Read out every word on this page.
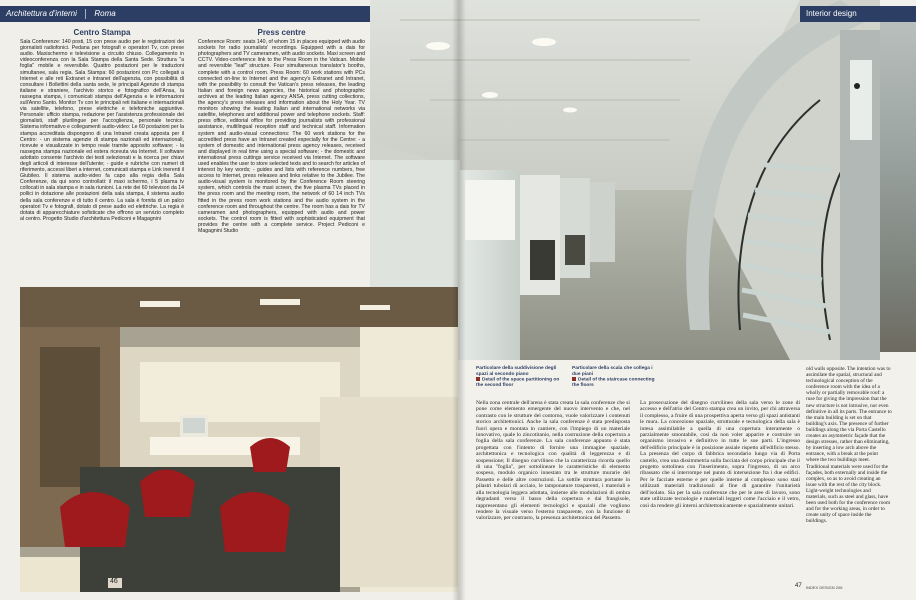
Architettura d'interni Roma
Centro Stampa

Sala Conferenze: 140 posti, 15 con prese audio per le registrazioni dei giornalisti radiofonici. Pedana per fotografi e operatori Tv, con prese audio. Maxischermo e televisione a circuito chiuso. Collegamento in videoconferenza con la Sala Stampa della Santa Sede. Struttura "a foglia" mobile e reversibile. Quattro postazioni per le traduzioni simultanee, sala regia. Sala Stampa: 60 postazioni con Pc collegati a Internet e alle reti Extranet e Intranet dell'agenzia, con possibilità di consultare i Bollettini della santa sede, le principali Agenzie di stampa italiane e straniere, l'archivio storico e fotografico dell'Ansa, la rassegna stampa, i comunicati stampa dell'Agenzia e le informazioni sull'Anno Santo. Monitor Tv con le principali reti italiane e internazionali via satellite, telefono, prese elettriche e telefoniche aggiuntive. Personale: ufficio stampa, redazione per l'assistenza professionale dei giornalisti, staff plurilingue per l'accoglienza, personale tecnico. Sistema informativo e collegamenti audio-video: Le 60 postazioni per la stampa accreditata dispongono di una Intranet creata apposta per il Centro: - un sistema agenzie di stampa nazionali ed internazionali, ricevute e visualizzate in tempo reale tramite apposito software; - la rassegna stampa nazionale ed estera ricevuta via Internet. Il software adottato consente l'archivio dei testi selezionati e la ricerca per chiavi degli articoli di interesse dell'utente; - guide e rubriche con numeri di riferimento, accessi liberi a internet, comunicati stampa e Link inerenti il Giubileo. Il sistema audio-video fa capo alla regia della Sala Conferenze, da qui sono controllati: il maxi schermo, i 5 plasma tv collocati in sala stampa e in sala riunioni. La rete dei 60 televisori da 14 pollici in dotazione alle postazioni della sala stampa, il sistema audio della sala conferenze e di tutto il centro. La sala è fornita di un palco operatori Tv e fotografi, dotato di prese audio ed elettriche. La regia è dotata di apparecchiature sofisticate che offrono un servizio completo al centro. Progetto Studio d'architettura Pediconi e Magagnini

Press centre

Conference Room: seats 140, of whom 15 in places equipped with audio sockets for radio journalists' recordings. Equipped with a dais for photographers and TV cameramen, with audio sockets. Maxi screen and CCTV. Video-conference link to the Press Room in the Vatican. Mobile and reversible "leaf" structure. Four simultaneous translator's booths, complete with a control room. Press Room: 60 work stations with PCs connected on-line to Internet and the agency's Extranet and Intranet, with the possibility to consult the Vatican's press releases, the leading Italian and foreign news agencies, the historical and photographic archives at the leading Italian agency ANSA, press cutting collections, the agency's press releases and information about the Holy Year. TV monitors showing the leading Italian and international networks via satellite, telephones and additional power and telephone sockets. Staff: press office, editorial office for providing journalists with professional assistance, multilingual reception staff and technical staff. Information system and audio-visual connections: The 60 work stations for the accredited press have an Intranet created especially for the Centre: - a system of domestic and international press agency releases, received and displayed in real time using a special software; - the domestic and international press cuttings service received via Internet. The software used enables the user to store selected texts and to search for articles of interest by key words; - guides and lists with reference numbers, free access to Internet, press releases and links relative to the Jubilee. The audio-visual system is monitored by the Conference Room steering system, which controls the maxi screen, the five plasma TVs placed in the press room and the meeting room, the network of 60 14 inch TVs fitted in the press room work stations and the audio system in the conference room and throughout the centre. The room has a dais for TV cameramen and photographers, equipped with audio and power sockets. The control room is fitted with sophisticated equipment that provides the centre with a complete service. Project Pediconi e Magagnini Studio

46
Interior design
Particolare della suddivisione degli spazi al secondo piano
Detail of the space partitioning on the second floor
Particolare della scala che collega i due piani
Detail of the staircase connecting the floors
Nella zona centrale dell'arena è stata creata la sala conferenze che si pone come elemento emergente del nuovo intervento e che, nel contrasto con le strutture del contorno, vuole valorizzare i contenuti storico architettonici. Anche la sala conferenze è stata predisposta fuori opera e montata in cantiere, con l'impiego di un materiale innovativo, quale lo zincotitanio, nella costruzione della copertura a foglia della sala conferenze. La sala conferenze appunto è stata progettata con l'intento di fornire una immagine spaziale, architettonica e tecnologica con qualità di leggerezza e di sospensione; Il disegno curvilineo che la caratterizza ricorda quello di una "foglia", per sottolineare le caratteristiche di elemento sospeso, modulo organico innestato tra le strutture murarie del Passetto e delle altre costruzioni. La sottile struttura portante in pilastri tubolari di acciaio, le tamponature trasparenti, i materiali e alla tecnologia leggera adottata, insieme alle modulazioni di ombra degradanti verso il basso della copertura e dai frangisole, rappresentano gli elementi tecnologici e spaziali che vogliono rendere la visuale verso l'esterno trasparente, con la funzione di valorizzare, per contrasto, la presenza architettonica del Passetto.
La prosecuzione del disegno curvilineo della sala verso le zone di accesso e dell'atrio del Centro stampa crea un invito, per chi attraversa il complesso, a fruire di una prospettiva aperta verso gli spazi antistanti le mura. La concezione spaziale, strutturale e tecnologica della sala è intesa assimilabile a quella di una copertura interamente o parzialmente smontabile, così da non voler apparire e costruire un organismo invasivo e definitivo in tutte le sue parti. L'ingresso dell'edificio principale è in posizione assiale rispetto all'edificio stesso. La presenza del corpo di fabbrica secondario lungo via di Porta castello, crea una dissimmetria sulla facciata del corpo principale che il progetto sottolinea con l'inserimento, sopra l'ingresso, di un arco ribassato che si interrompe nel punto di intersezione fra i due edifici. Per le facciate esterne e per quelle interne al complesso sono stati utilizzati materiali tradizionali al fine di garantire l'unitarietà dell'isolato. Sia per la sala conferenze che per le aree di lavoro, sono state utilizzate tecnologie e materiali leggeri come l'acciaio e il vetro, così da rendere gli interni architettonicamente e spazialmente unitari.
old walls opposite. The intention was to assimilate the spatial, structural and technological conception of the conference room with the idea of a wholly or partially removable roof: a ruse for giving the impression that the new structure is not intrusive, nor even definitive in all its parts. The entrance to the main building is set on that building's axis. The presence of further buildings along the via Porta Castello creates an asymmetric façade that the design stresses, rather than eliminating, by inserting a low arch above the entrance, with a break at the point where the two buildings meet. Traditional materials were used for the façades, both externally and inside the complex, so as to avoid creating an issue with the rest of the city block. Light-weight technologies and materials, such as steel and glass, have been used both for the conference room and for the working areas, in order to create unity of space inside the buildings.
47 INDEX DESIGN 206
